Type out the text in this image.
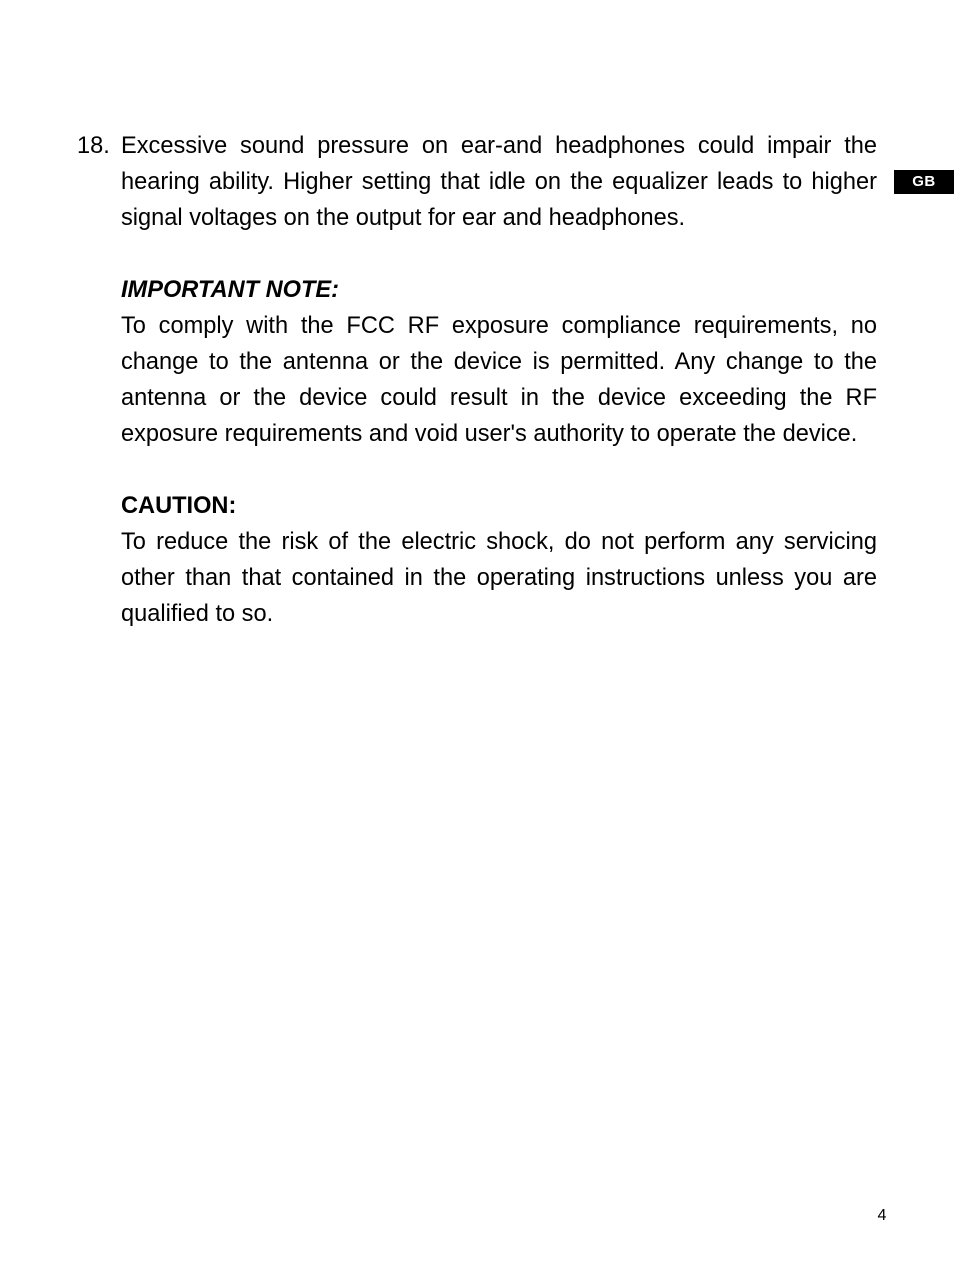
GB
18. Excessive sound pressure on ear-and headphones could impair the hearing ability. Higher setting that idle on the equalizer leads to higher signal voltages on the output for ear and headphones.

IMPORTANT NOTE:

To comply with the FCC RF exposure compliance requirements, no change to the antenna or the device is permitted. Any change to the antenna or the device could result in the device exceeding the RF exposure requirements and void user's authority to operate the device.

CAUTION:

To reduce the risk of the electric shock, do not perform any servicing other than that contained in the operating instructions unless you are qualified to so.

4
